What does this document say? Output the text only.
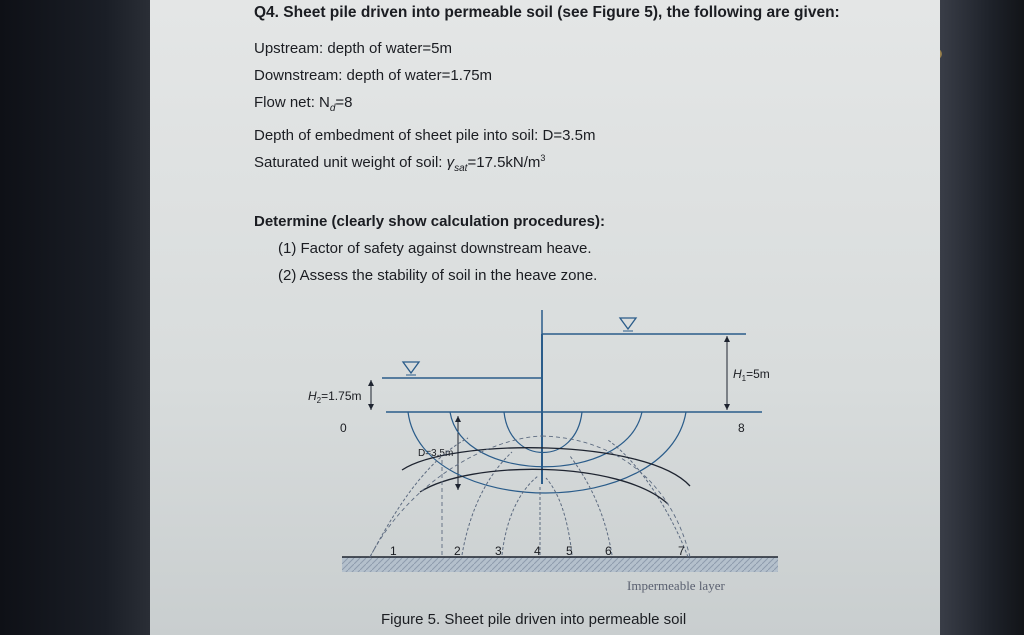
Q4. Sheet pile driven into permeable soil (see Figure 5), the following are given:
Upstream: depth of water=5m
Downstream: depth of water=1.75m
Flow net: $N_d=8$
Depth of embedment of sheet pile into soil: D=3.5m
Saturated unit weight of soil: $\gamma_{sat}=17.5kN/m^3$
Determine (clearly show calculation procedures):
(1) Factor of safety against downstream heave.
(2) Assess the stability of soil in the heave zone.
$H_1=5m$
$H_2=1.75m$
D=3.5m
0	8
1	2	3	4 5	6	7
Impermeable layer
Figure 5. Sheet pile driven into permeable soil
